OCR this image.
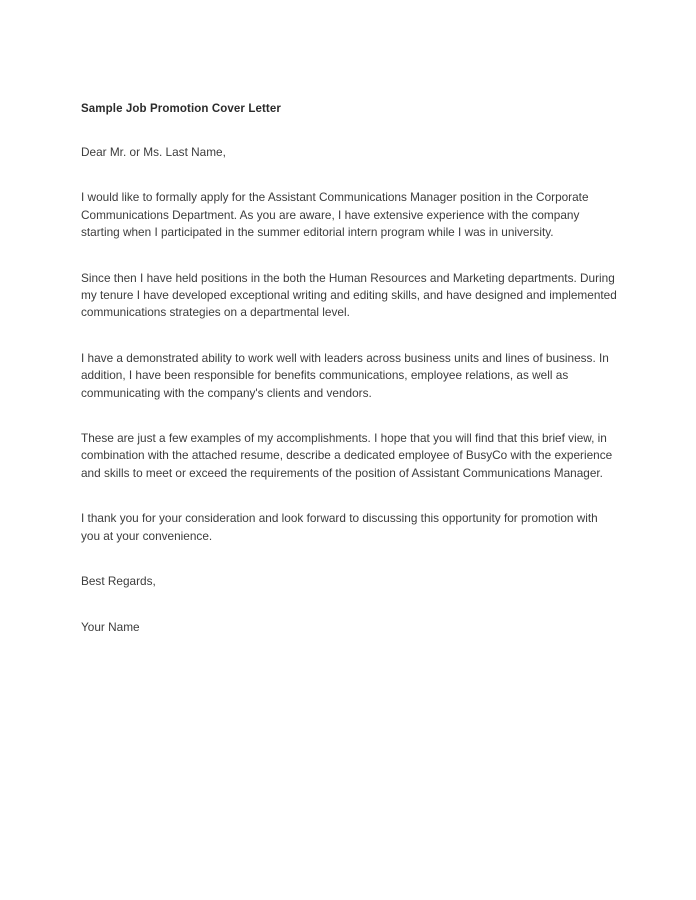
Sample Job Promotion Cover Letter

Dear Mr. or Ms. Last Name,

I would like to formally apply for the Assistant Communications Manager position in the Corporate Communications Department. As you are aware, I have extensive experience with the company starting when I participated in the summer editorial intern program while I was in university.

Since then I have held positions in the both the Human Resources and Marketing departments. During my tenure I have developed exceptional writing and editing skills, and have designed and implemented communications strategies on a departmental level.

I have a demonstrated ability to work well with leaders across business units and lines of business. In addition, I have been responsible for benefits communications, employee relations, as well as communicating with the company's clients and vendors.

These are just a few examples of my accomplishments. I hope that you will find that this brief view, in combination with the attached resume, describe a dedicated employee of BusyCo with the experience and skills to meet or exceed the requirements of the position of Assistant Communications Manager.

I thank you for your consideration and look forward to discussing this opportunity for promotion with you at your convenience.

Best Regards,

Your Name
